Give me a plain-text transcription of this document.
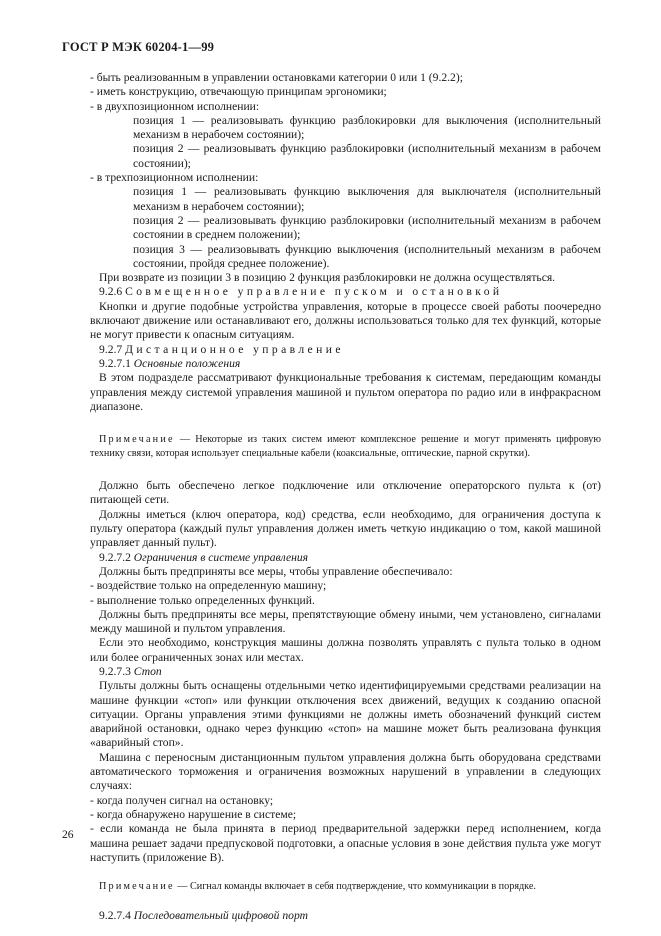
ГОСТ Р МЭК 60204-1—99

- быть реализованным в управлении остановками категории 0 или 1 (9.2.2);

- иметь конструкцию, отвечающую принципам эргономики;

- в двухпозиционном исполнении:

позиция 1 — реализовывать функцию разблокировки для выключения (исполнительный механизм в нерабочем состоянии);

позиция 2 — реализовывать функцию разблокировки (исполнительный механизм в рабочем состоянии);

- в трехпозиционном исполнении:

позиция 1 — реализовывать функцию выключения для выключателя (исполнительный механизм в нерабочем состоянии);

позиция 2 — реализовывать функцию разблокировки (исполнительный механизм в рабочем состоянии в среднем положении);

позиция 3 — реализовывать функцию выключения (исполнительный механизм в рабочем состоянии, пройдя среднее положение).

При возврате из позиции 3 в позицию 2 функция разблокировки не должна осуществляться.

9.2.6 Совмещенное управление пуском и остановкой

Кнопки и другие подобные устройства управления, которые в процессе своей работы поочередно включают движение или останавливают его, должны использоваться только для тех функций, которые не могут привести к опасным ситуациям.

9.2.7 Дистанционное управление

9.2.7.1 Основные положения

В этом подразделе рассматривают функциональные требования к системам, передающим команды управления между системой управления машиной и пультом оператора по радио или в инфракрасном диапазоне.

Примечание — Некоторые из таких систем имеют комплексное решение и могут применять цифровую технику связи, которая использует специальные кабели (коаксиальные, оптические, парной скрутки).

Должно быть обеспечено легкое подключение или отключение операторского пульта к (от) питающей сети.

Должны иметься (ключ оператора, код) средства, если необходимо, для ограничения доступа к пульту оператора (каждый пульт управления должен иметь четкую индикацию о том, какой машиной управляет данный пульт).

9.2.7.2 Ограничения в системе управления

Должны быть предприняты все меры, чтобы управление обеспечивало:

- воздействие только на определенную машину;

- выполнение только определенных функций.

Должны быть предприняты все меры, препятствующие обмену иными, чем установлено, сигналами между машиной и пультом управления.

Если это необходимо, конструкция машины должна позволять управлять с пульта только в одном или более ограниченных зонах или местах.

9.2.7.3 Стоп

Пульты должны быть оснащены отдельными четко идентифицируемыми средствами реализации на машине функции «стоп» или функции отключения всех движений, ведущих к созданию опасной ситуации. Органы управления этими функциями не должны иметь обозначений функций систем аварийной остановки, однако через функцию «стоп» на машине может быть реализована функция «аварийный стоп».

Машина с переносным дистанционным пультом управления должна быть оборудована средствами автоматического торможения и ограничения возможных нарушений в управлении в следующих случаях:

- когда получен сигнал на остановку;

- когда обнаружено нарушение в системе;

- если команда не была принята в период предварительной задержки перед исполнением, когда машина решает задачи предпусковой подготовки, а опасные условия в зоне действия пульта уже могут наступить (приложение В).

Примечание — Сигнал команды включает в себя подтверждение, что коммуникации в порядке.

9.2.7.4 Последовательный цифровой порт

26
